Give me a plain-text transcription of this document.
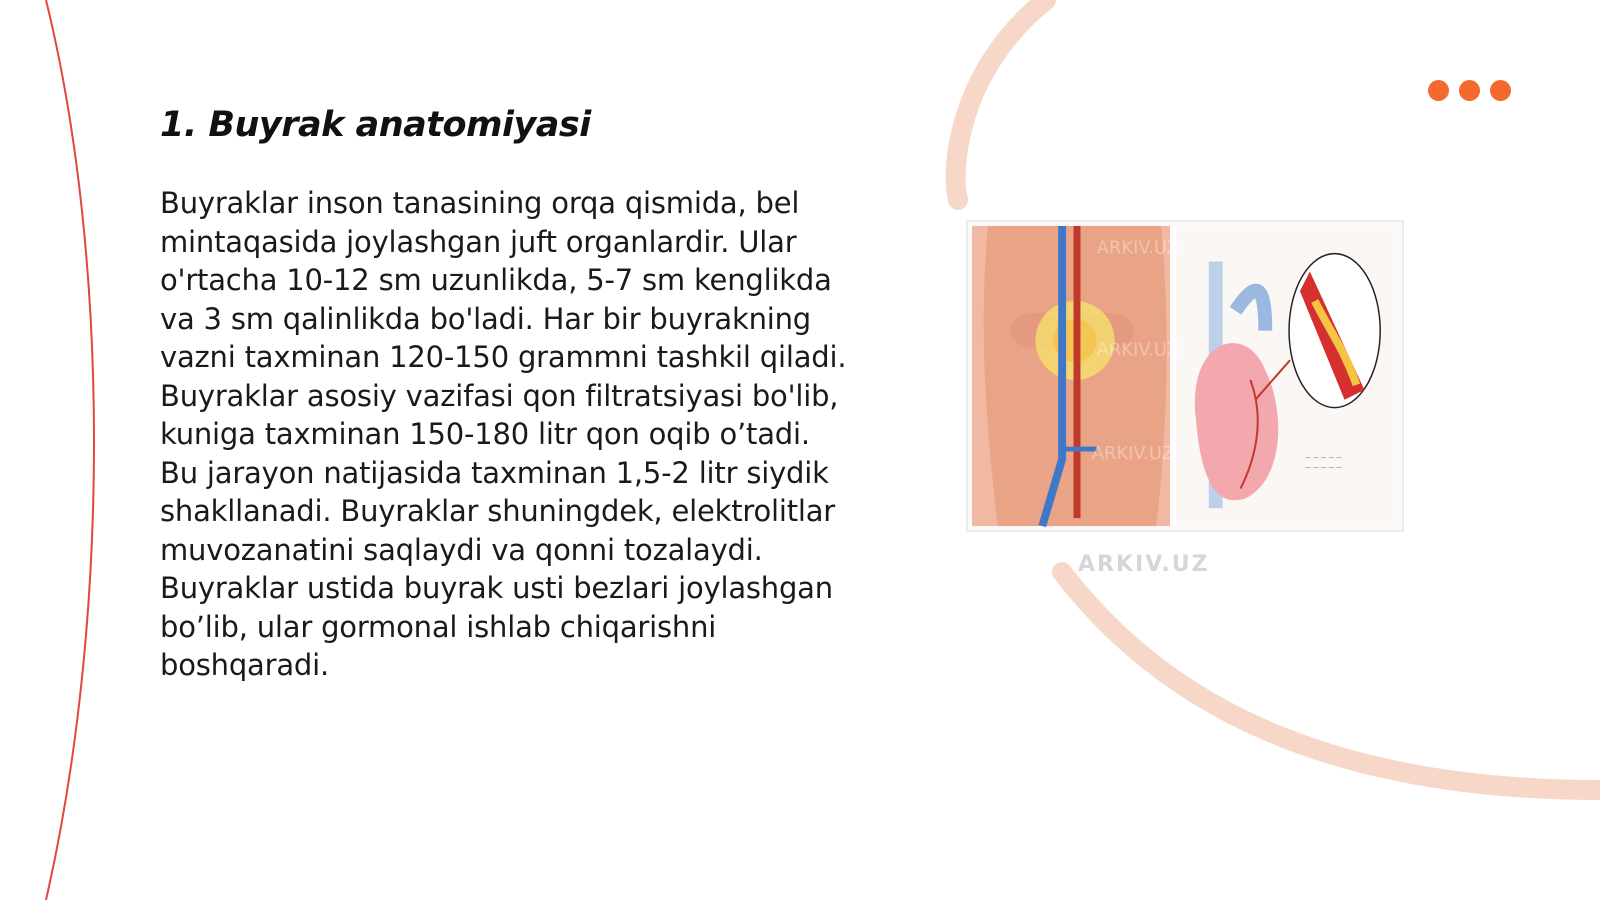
1. Buyrak anatomiyasi

Buyraklar inson tanasining orqa qismida, bel mintaqasida joylashgan juft organlardir. Ular o'rtacha 10-12 sm uzunlikda, 5-7 sm kenglikda va 3 sm qalinlikda bo'ladi. Har bir buyrakning vazni taxminan 120-150 grammni tashkil qiladi. Buyraklar asosiy vazifasi qon filtratsiyasi bo'lib, kuniga taxminan 150-180 litr qon oqib o’tadi. Bu jarayon natijasida taxminan 1,5-2 litr siydik shakllanadi. Buyraklar shuningdek, elektrolitlar muvozanatini saqlaydi va qonni tozalaydi. Buyraklar ustida buyrak usti bezlari joylashgan bo’lib, ular gormonal ishlab chiqarishni boshqaradi.

— — — — —
— — — — —
ARKIV.UZ
ARKIV.UZ
ARKIV.UZ
ARKIV.UZ
